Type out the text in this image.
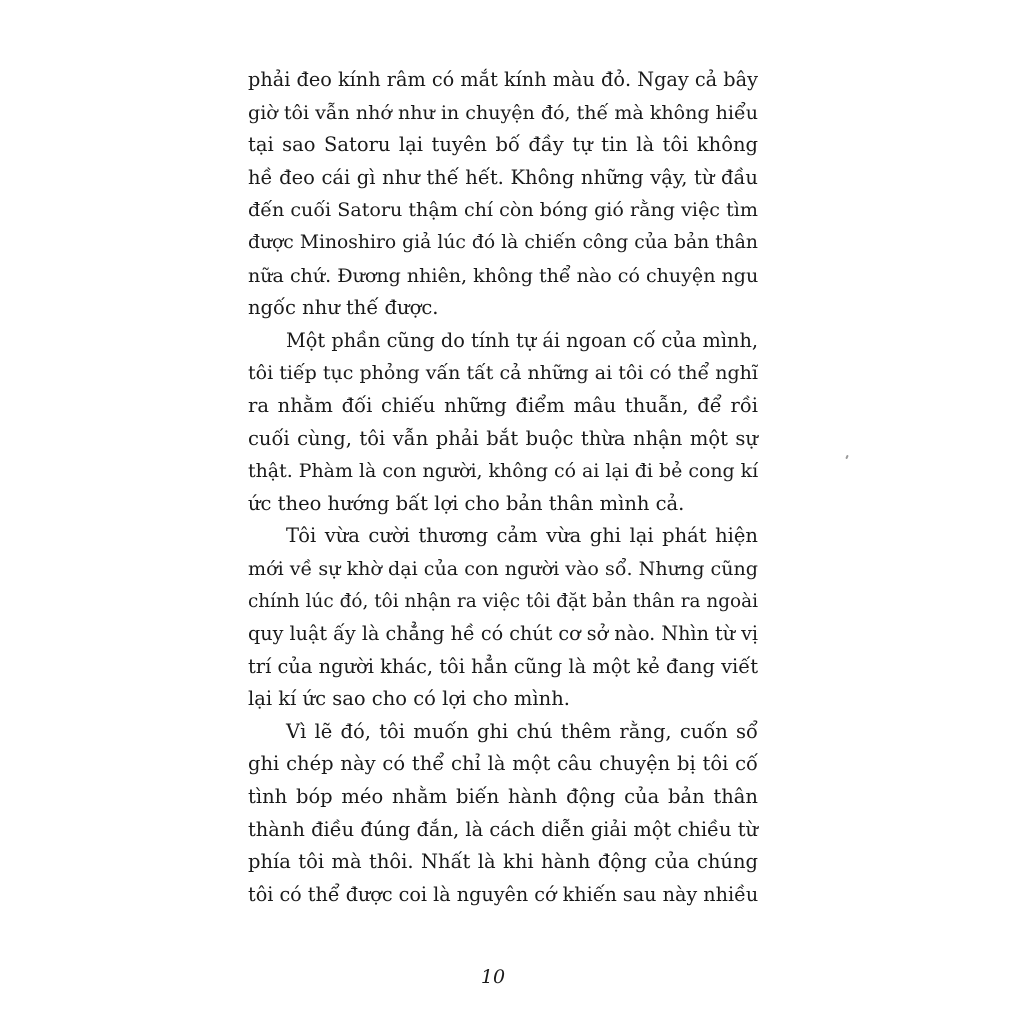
phải đeo kính râm có mắt kính màu đỏ. Ngay cả bây
giờ tôi vẫn nhớ như in chuyện đó, thế mà không hiểu
tại sao Satoru lại tuyên bố đầy tự tin là tôi không
hề đeo cái gì như thế hết. Không những vậy, từ đầu
đến cuối Satoru thậm chí còn bóng gió rằng việc tìm
được Minoshiro giả lúc đó là chiến công của bản thân
nữa chứ. Đương nhiên, không thể nào có chuyện ngu
ngốc như thế được.
Một phần cũng do tính tự ái ngoan cố của mình,
tôi tiếp tục phỏng vấn tất cả những ai tôi có thể nghĩ
ra nhằm đối chiếu những điểm mâu thuẫn, để rồi
cuối cùng, tôi vẫn phải bắt buộc thừa nhận một sự
thật. Phàm là con người, không có ai lại đi bẻ cong kí
ức theo hướng bất lợi cho bản thân mình cả.
Tôi vừa cười thương cảm vừa ghi lại phát hiện
mới về sự khờ dại của con người vào sổ. Nhưng cũng
chính lúc đó, tôi nhận ra việc tôi đặt bản thân ra ngoài
quy luật ấy là chẳng hề có chút cơ sở nào. Nhìn từ vị
trí của người khác, tôi hẳn cũng là một kẻ đang viết
lại kí ức sao cho có lợi cho mình.
Vì lẽ đó, tôi muốn ghi chú thêm rằng, cuốn sổ
ghi chép này có thể chỉ là một câu chuyện bị tôi cố
tình bóp méo nhằm biến hành động của bản thân
thành điều đúng đắn, là cách diễn giải một chiều từ
phía tôi mà thôi. Nhất là khi hành động của chúng
tôi có thể được coi là nguyên cớ khiến sau này nhiều
10
